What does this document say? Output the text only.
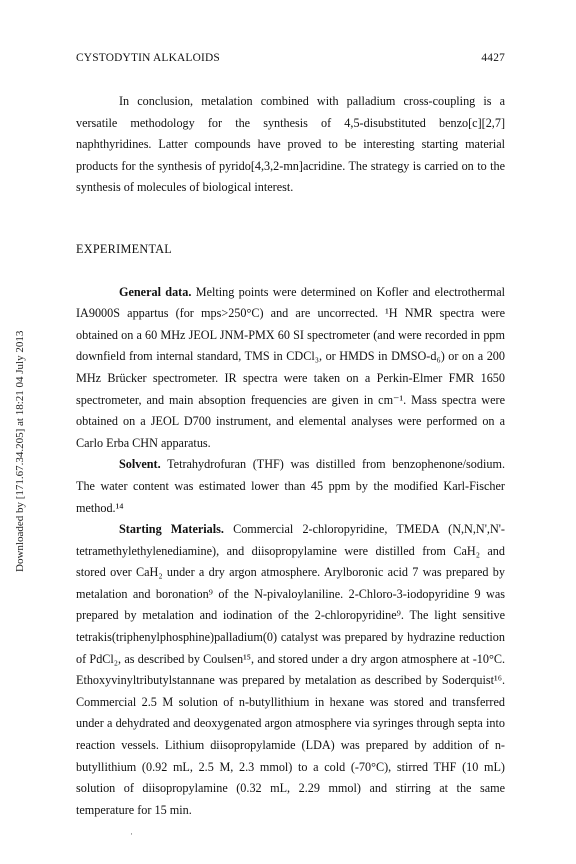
CYSTODYTIN ALKALOIDS	4427
Downloaded by [171.67.34.205] at 18:21 04 July 2013

In conclusion, metalation combined with palladium cross-coupling is a versatile methodology for the synthesis of 4,5-disubstituted benzo[c][2,7] naphthyridines. Latter compounds have proved to be interesting starting material products for the synthesis of pyrido[4,3,2-mn]acridine. The strategy is carried on to the synthesis of molecules of biological interest.

EXPERIMENTAL

General data. Melting points were determined on Kofler and electrothermal IA9000S appartus (for mps>250°C) and are uncorrected. ¹H NMR spectra were obtained on a 60 MHz JEOL JNM-PMX 60 SI spectrometer (and were recorded in ppm downfield from internal standard, TMS in CDCl₃, or HMDS in DMSO-d₆) or on a 200 MHz Brücker spectrometer. IR spectra were taken on a Perkin-Elmer FMR 1650 spectrometer, and main absoption frequencies are given in cm⁻¹. Mass spectra were obtained on a JEOL D700 instrument, and elemental analyses were performed on a Carlo Erba CHN apparatus.

Solvent. Tetrahydrofuran (THF) was distilled from benzophenone/sodium. The water content was estimated lower than 45 ppm by the modified Karl-Fischer method.¹⁴

Starting Materials. Commercial 2-chloropyridine, TMEDA (N,N,N',N'-tetramethylethylenediamine), and diisopropylamine were distilled from CaH₂ and stored over CaH₂ under a dry argon atmosphere. Arylboronic acid 7 was prepared by metalation and boronation⁹ of the N-pivaloylaniline. 2-Chloro-3-iodopyridine 9 was prepared by metalation and iodination of the 2-chloropyridine⁹. The light sensitive tetrakis(triphenylphosphine)palladium(0) catalyst was prepared by hydrazine reduction of PdCl₂, as described by Coulsen¹⁵, and stored under a dry argon atmosphere at -10°C. Ethoxyvinyltributylstannane was prepared by metalation as described by Soderquist¹⁶. Commercial 2.5 M solution of n-butyllithium in hexane was stored and transferred under a dehydrated and deoxygenated argon atmosphere via syringes through septa into reaction vessels. Lithium diisopropylamide (LDA) was prepared by addition of n-butyllithium (0.92 mL, 2.5 M, 2.3 mmol) to a cold (-70°C), stirred THF (10 mL) solution of diisopropylamine (0.32 mL, 2.29 mmol) and stirring at the same temperature for 15 min.

·
